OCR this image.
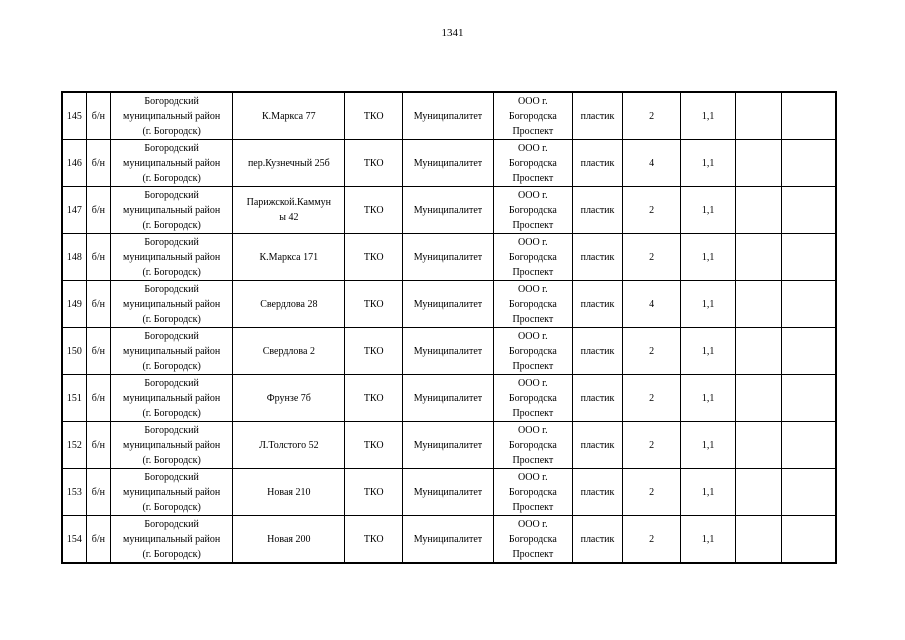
1341
145	б/н	Богородский
муниципальный район
(г. Богородск)	К.Маркса 77	ТКО	Муниципалитет	ООО г.
Богородска
Проспект	пластик	2	1,1		
146	б/н	Богородский
муниципальный район
(г. Богородск)	пер.Кузнечный 25б	ТКО	Муниципалитет	ООО г.
Богородска
Проспект	пластик	4	1,1		
147	б/н	Богородский
муниципальный район
(г. Богородск)	Парижской.Каммун
ы 42	ТКО	Муниципалитет	ООО г.
Богородска
Проспект	пластик	2	1,1		
148	б/н	Богородский
муниципальный район
(г. Богородск)	К.Маркса 171	ТКО	Муниципалитет	ООО г.
Богородска
Проспект	пластик	2	1,1		
149	б/н	Богородский
муниципальный район
(г. Богородск)	Свердлова 28	ТКО	Муниципалитет	ООО г.
Богородска
Проспект	пластик	4	1,1		
150	б/н	Богородский
муниципальный район
(г. Богородск)	Свердлова 2	ТКО	Муниципалитет	ООО г.
Богородска
Проспект	пластик	2	1,1		
151	б/н	Богородский
муниципальный район
(г. Богородск)	Фрунзе 7б	ТКО	Муниципалитет	ООО г.
Богородска
Проспект	пластик	2	1,1		
152	б/н	Богородский
муниципальный район
(г. Богородск)	Л.Толстого 52	ТКО	Муниципалитет	ООО г.
Богородска
Проспект	пластик	2	1,1		
153	б/н	Богородский
муниципальный район
(г. Богородск)	Новая 210	ТКО	Муниципалитет	ООО г.
Богородска
Проспект	пластик	2	1,1		
154	б/н	Богородский
муниципальный район
(г. Богородск)	Новая 200	ТКО	Муниципалитет	ООО г.
Богородска
Проспект	пластик	2	1,1		
